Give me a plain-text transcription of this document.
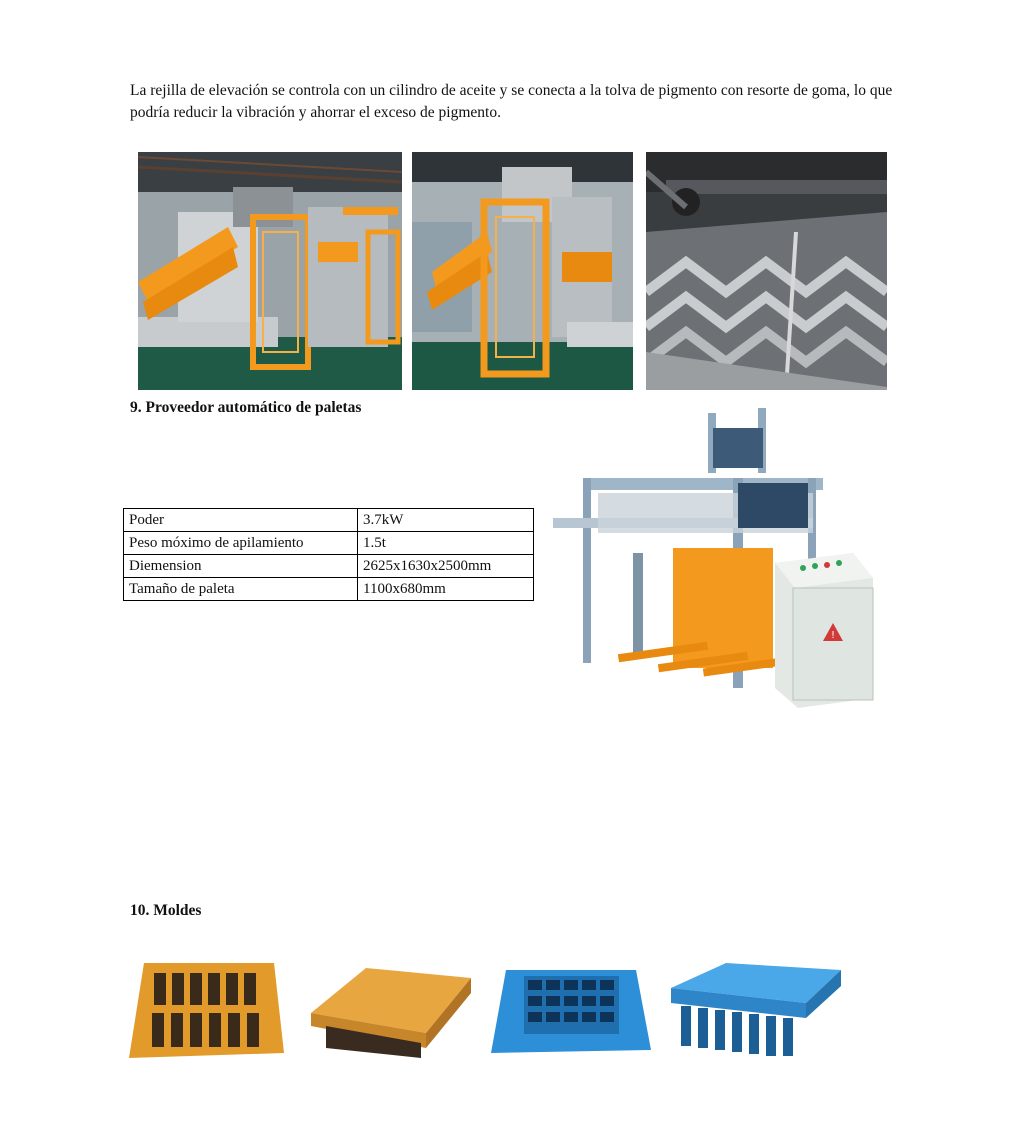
La rejilla de elevación se controla con un cilindro de aceite y se conecta a la tolva de pigmento con resorte de goma, lo que podría reducir la vibración y ahorrar el exceso de pigmento.

9. Proveedor automático de paletas
Poder	3.7kW
Peso móximo de apilamiento	1.5t
Diemension	2625x1630x2500mm
Tamaño de paleta	1100x680mm
!
10. Moldes
